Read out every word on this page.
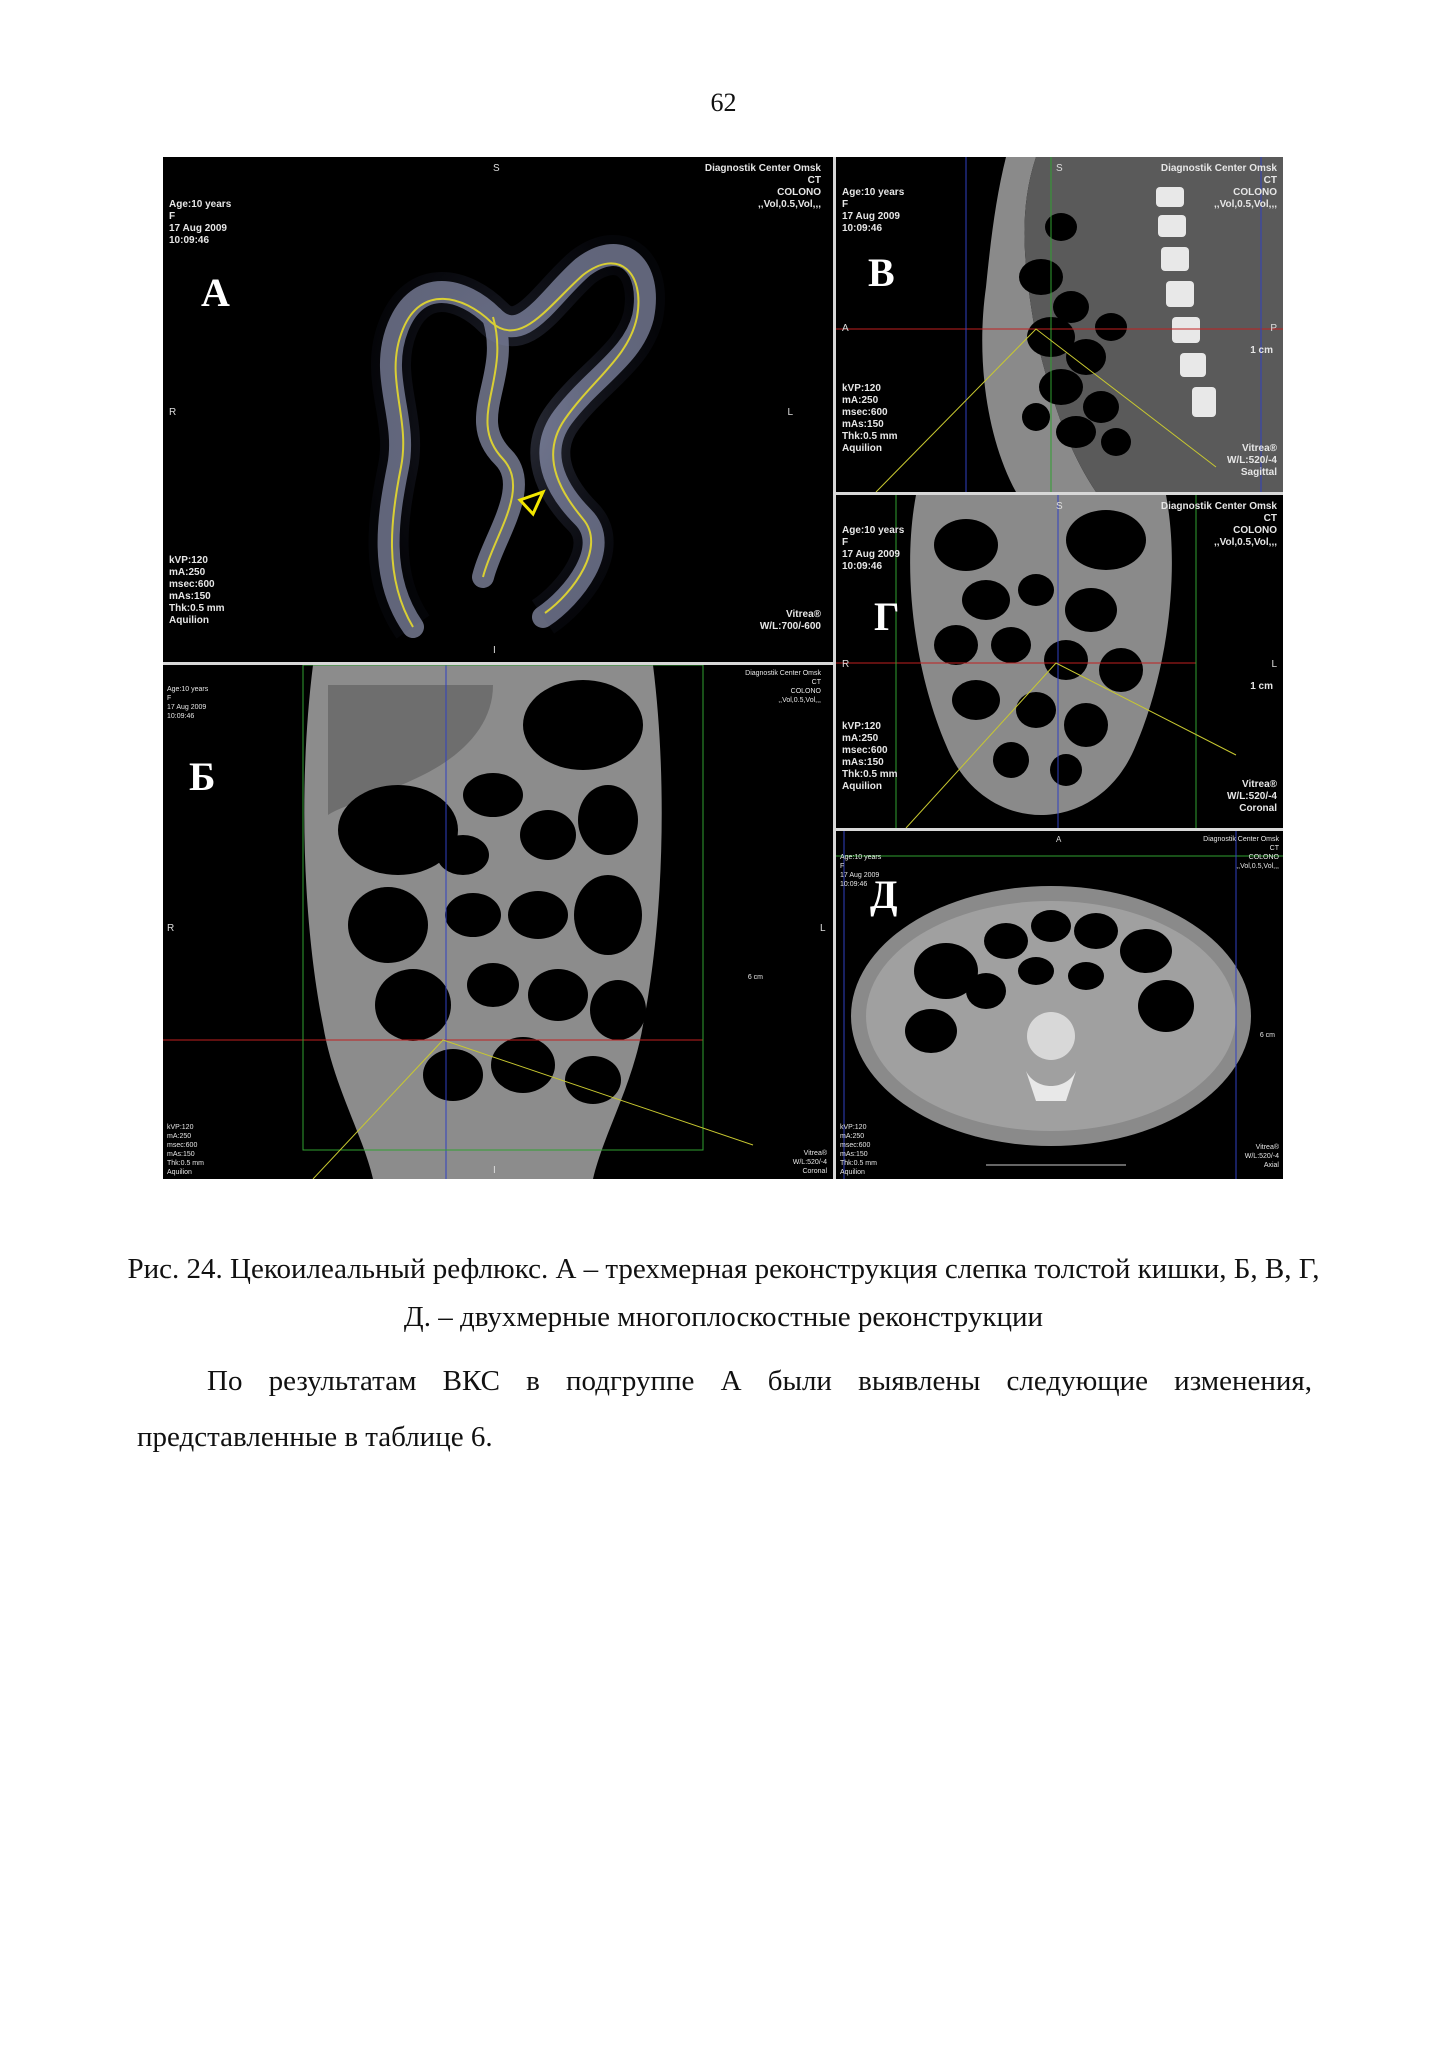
62
Age:10 years
F
17 Aug 2009
10:09:46
Diagnostik Center Omsk
CT
COLONO
,,Vol,0.5,Vol,,,
kVP:120
mA:250
msec:600
mAs:150
Thk:0.5 mm
Aquilion
Vitrea®
W/L:700/-600
А
S
R	L
I
Age:10 years
F
17 Aug 2009
10:09:46
Diagnostik Center Omsk
CT
COLONO
,,Vol,0.5,Vol,,,
kVP:120
mA:250
msec:600
mAs:150
Thk:0.5 mm
Aquilion	Vitrea®
W/L:520/-4
Sagittal
1 cm
В
S
A	P
Age:10 years
F
17 Aug 2009
10:09:46
Diagnostik Center Omsk
CT
COLONO
,,Vol,0.5,Vol,,,
kVP:120
mA:250
msec:600
mAs:150
Thk:0.5 mm
Aquilion	Vitrea®
W/L:520/-4
Coronal
1 cm
Г
S
R	L
Age:10 years
F
17 Aug 2009
10:09:46
Diagnostik Center Omsk
CT
COLONO
,,Vol,0.5,Vol,,,
kVP:120
mA:250
msec:600
mAs:150
Thk:0.5 mm
Aquilion
Vitrea®
W/L:520/-4
Coronal
6 cm
Б
R	L
I
Age:10 years
F
17 Aug 2009
10:09:46
Diagnostik Center Omsk
CT
COLONO
,,Vol,0.5,Vol,,,
kVP:120
mA:250
msec:600
mAs:150
Thk:0.5 mm
Aquilion
Vitrea®
W/L:520/-4
Axial
6 cm
Д
A
Рис. 24. Цекоилеальный рефлюкс. А – трехмерная реконструкция слепка толстой кишки, Б, В, Г, Д. – двухмерные многоплоскостные реконструкции
По результатам ВКС в подгруппе А были выявлены следующие изменения, представленные в таблице 6.
